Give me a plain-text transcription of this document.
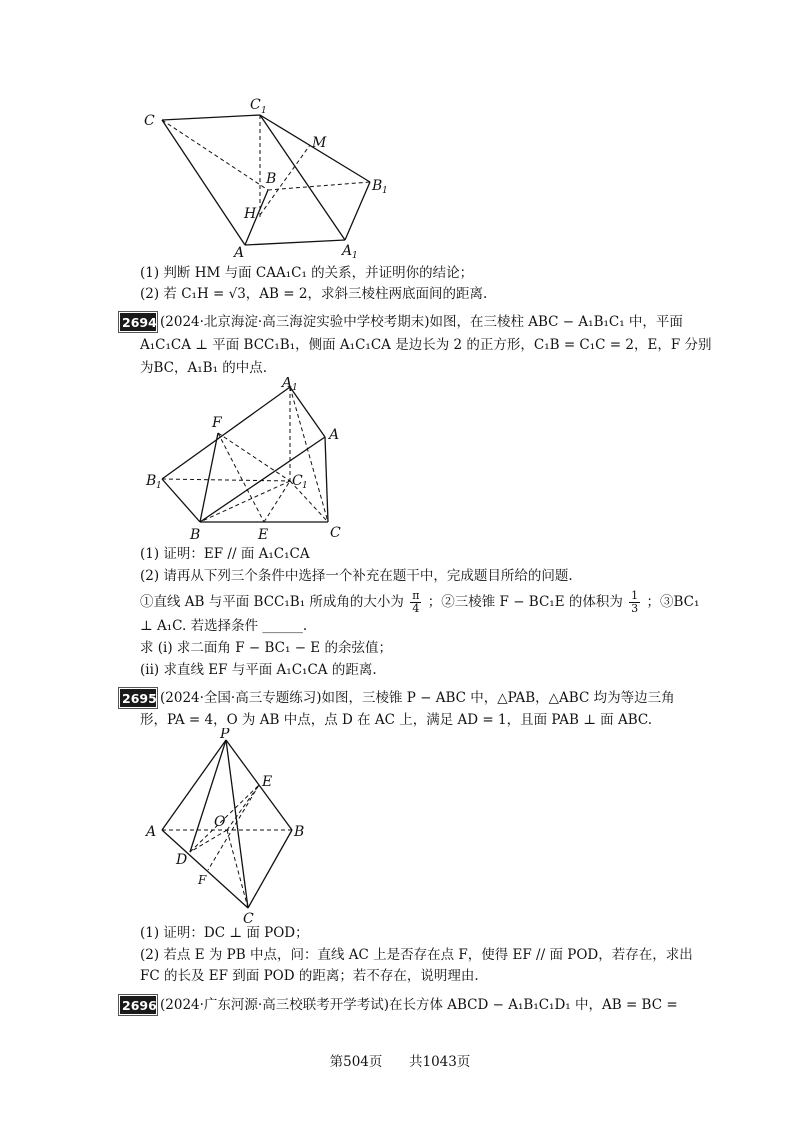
C
C 1
M
B	B 1
H
A	A 1
(1) 判断 HM 与面 CAA₁C₁ 的关系，并证明你的结论；
(2) 若 C₁H = √3，AB = 2，求斜三棱柱两底面间的距离.
2694 (2024·北京海淀·高三海淀实验中学校考期末)如图，在三棱柱 ABC − A₁B₁C₁ 中，平面
A₁C₁CA ⊥ 平面 BCC₁B₁，侧面 A₁C₁CA 是边长为 2 的正方形，C₁B = C₁C = 2，E，F 分别
为BC，A₁B₁ 的中点.
A 1
F
A
B 1	C 1
B	E	C
(1) 证明：EF // 面 A₁C₁CA
(2) 请再从下列三个条件中选择一个补充在题干中，完成题目所给的问题.
①直线 AB 与平面 BCC₁B₁ 所成角的大小为 $\frac{\pi}{4}$ ；②三棱锥 F − BC₁E 的体积为 $\frac{1}{3}$ ；③BC₁
⊥ A₁C. 若选择条件 ______.
求 (i) 求二面角 F − BC₁ − E 的余弦值；
(ii) 求直线 EF 与平面 A₁C₁CA 的距离.
2695 (2024·全国·高三专题练习)如图，三棱锥 P − ABC 中，△PAB，△ABC 均为等边三角
形，PA = 4，O 为 AB 中点，点 D 在 AC 上，满足 AD = 1，且面 PAB ⊥ 面 ABC.
P
E
A
O
B
D
F
C
(1) 证明：DC ⊥ 面 POD；
(2) 若点 E 为 PB 中点，问：直线 AC 上是否存在点 F，使得 EF // 面 POD，若存在，求出
FC 的长及 EF 到面 POD 的距离；若不存在，说明理由.
2696 (2024·广东河源·高三校联考开学考试)在长方体 ABCD − A₁B₁C₁D₁ 中，AB = BC =
第504页 共1043页
